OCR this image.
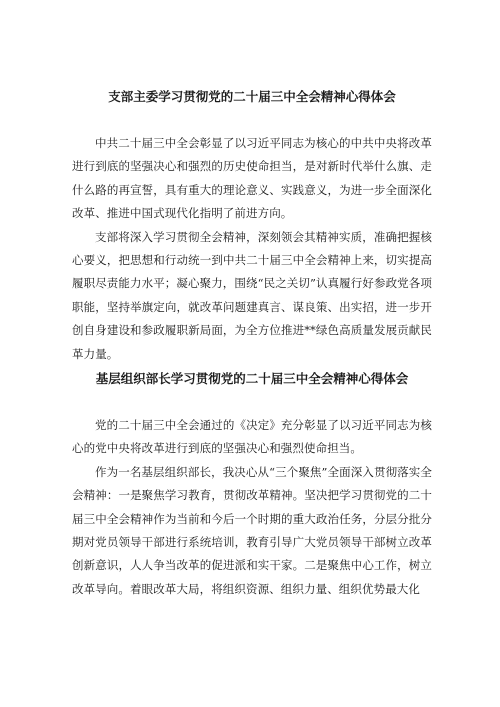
支部主委学习贯彻党的二十届三中全会精神心得体会

中共二十届三中全会彰显了以习近平同志为核心的中共中央将改革进行到底的坚强决心和强烈的历史使命担当，是对新时代举什么旗、走什么路的再宣誓，具有重大的理论意义、实践意义，为进一步全面深化改革、推进中国式现代化指明了前进方向。

支部将深入学习贯彻全会精神，深刻领会其精神实质，准确把握核心要义，把思想和行动统一到中共二十届三中全会精神上来，切实提高履职尽责能力水平；凝心聚力，围绕“民之关切”认真履行好参政党各项职能，坚持举旗定向，就改革问题建真言、谋良策、出实招，进一步开创自身建设和参政履职新局面，为全方位推进**绿色高质量发展贡献民革力量。

基层组织部长学习贯彻党的二十届三中全会精神心得体会

党的二十届三中全会通过的《决定》充分彰显了以习近平同志为核心的党中央将改革进行到底的坚强决心和强烈使命担当。

作为一名基层组织部长，我决心从“三个聚焦”全面深入贯彻落实全会精神：一是聚焦学习教育，贯彻改革精神。坚决把学习贯彻党的二十届三中全会精神作为当前和今后一个时期的重大政治任务，分层分批分期对党员领导干部进行系统培训，教育引导广大党员领导干部树立改革创新意识，人人争当改革的促进派和实干家。二是聚焦中心工作，树立改革导向。着眼改革大局，将组织资源、组织力量、组织优势最大化
